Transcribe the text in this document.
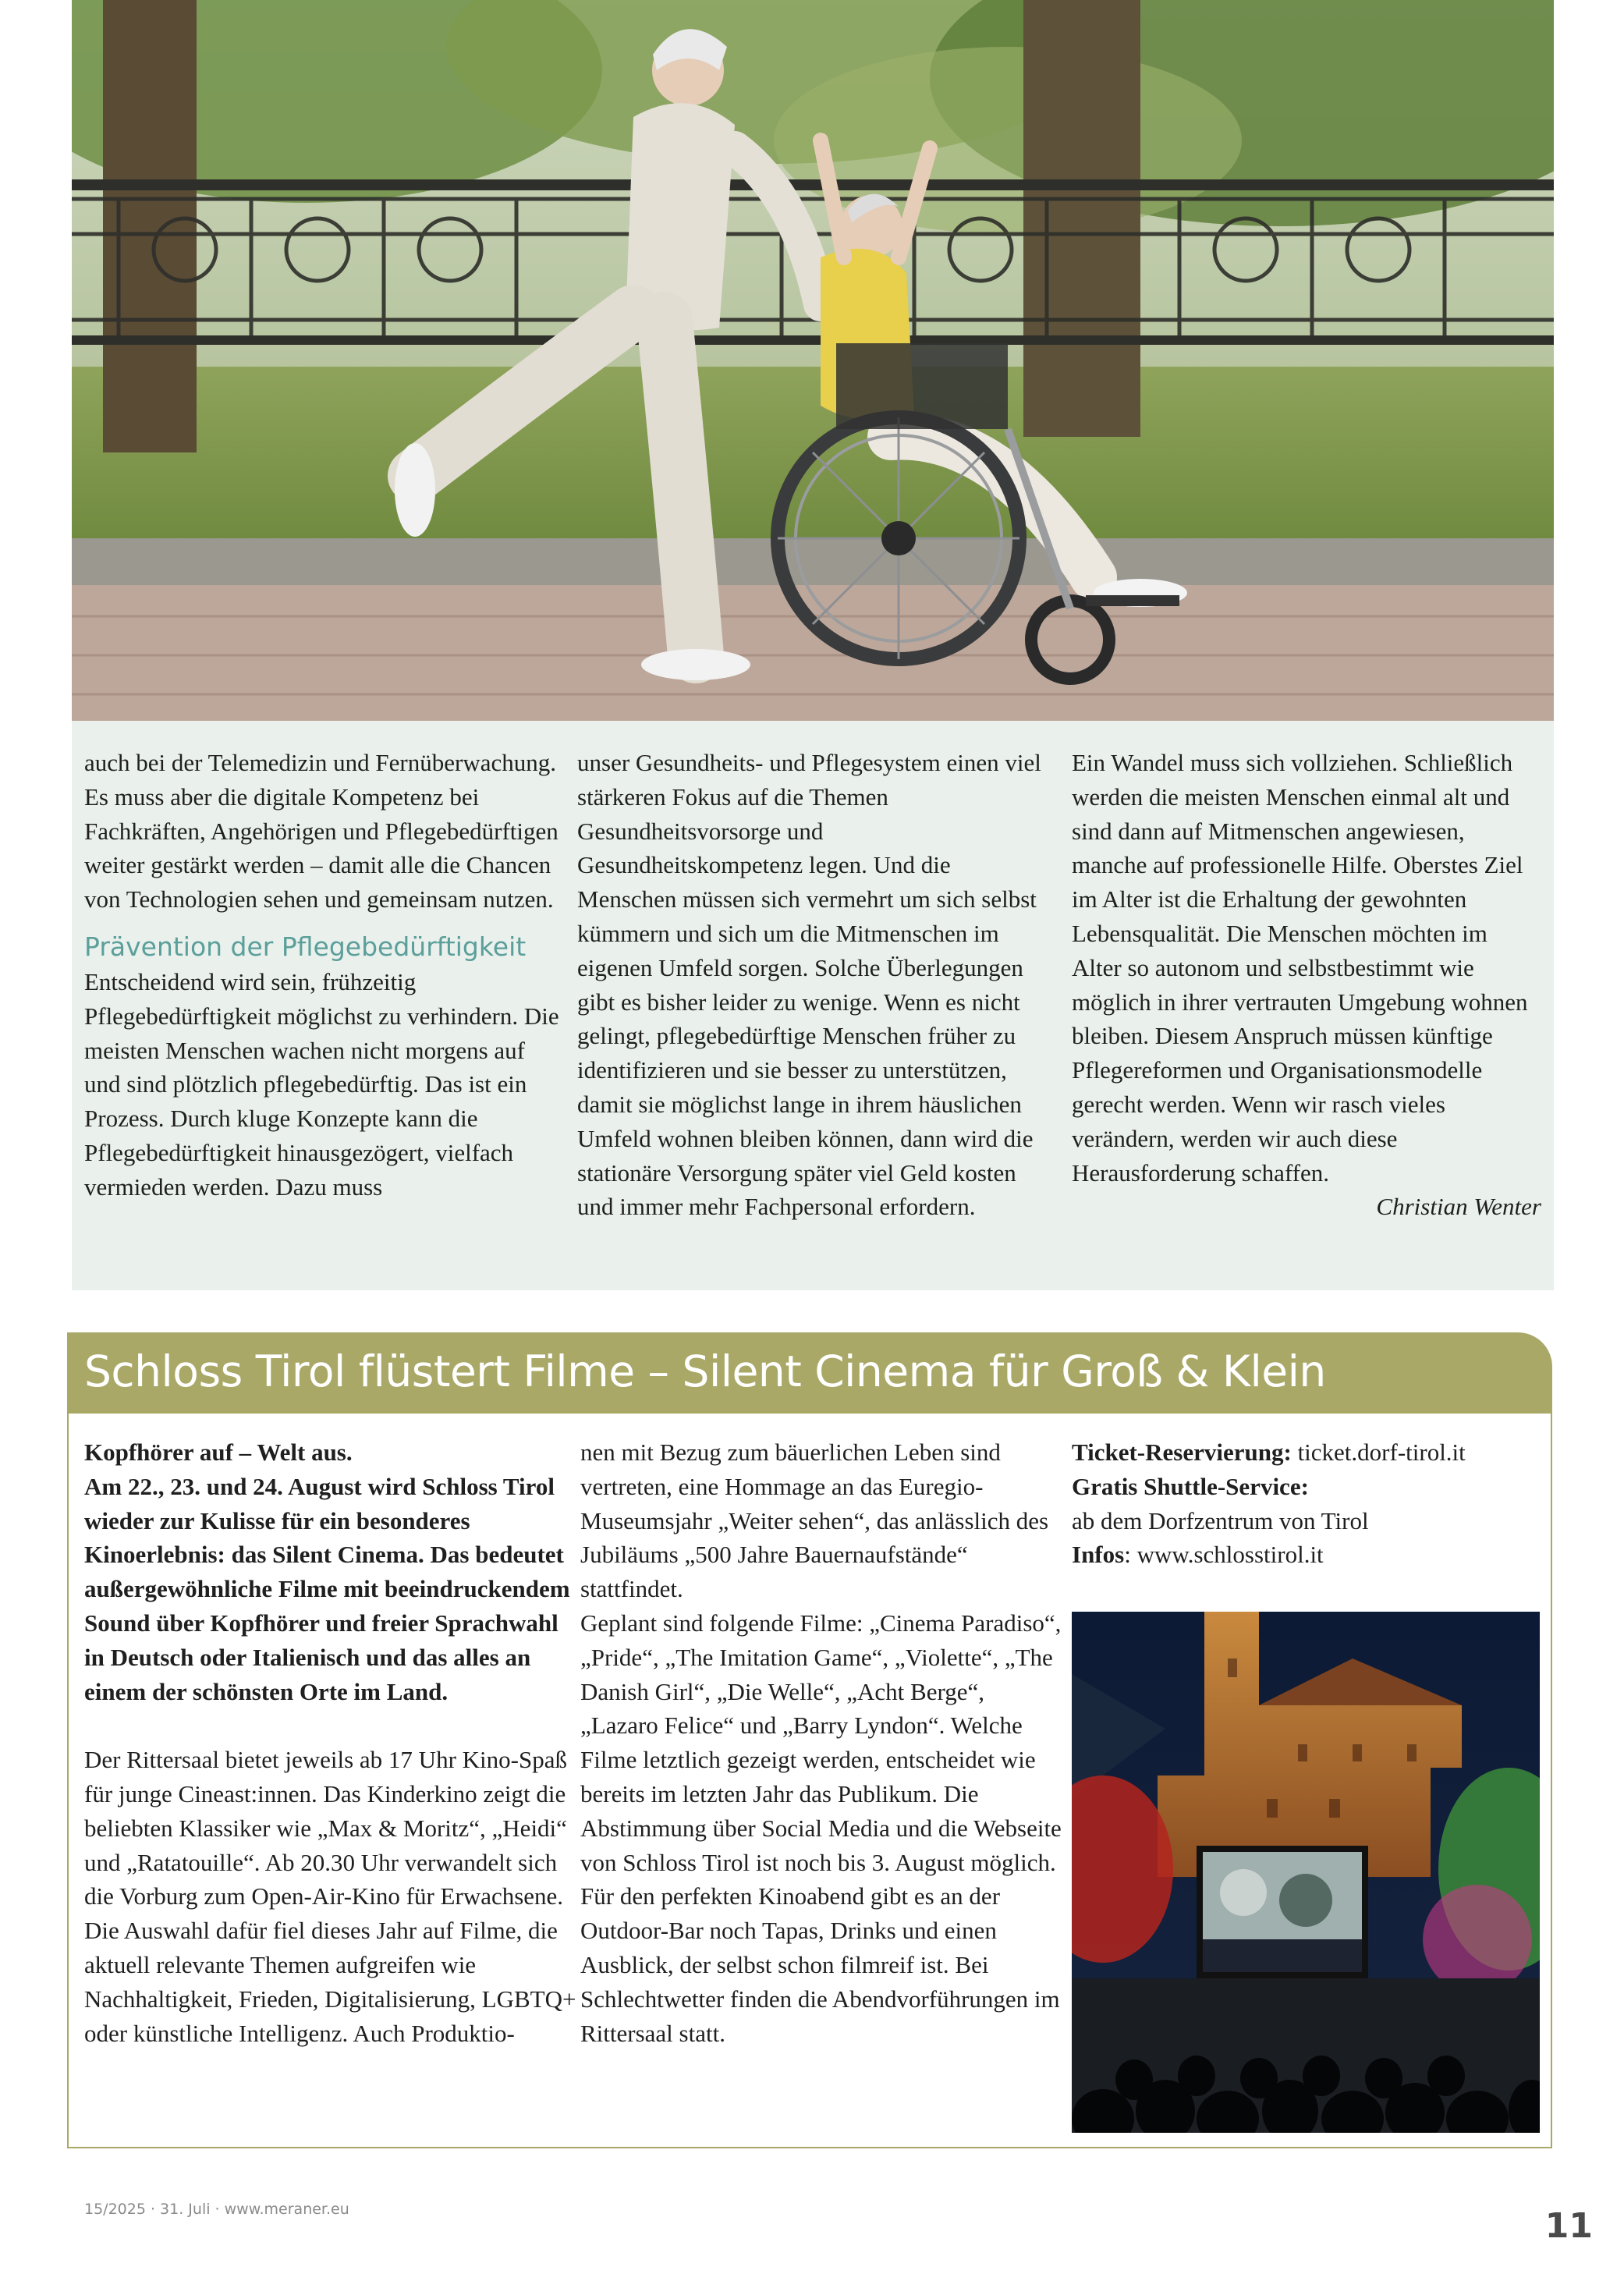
auch bei der Telemedizin und Fernüberwachung. Es muss aber die digitale Kompetenz bei Fachkräften, Angehörigen und Pflegebedürftigen weiter gestärkt werden – damit alle die Chancen von Technologien sehen und gemeinsam nutzen.

Prävention der Pflegebedürftigkeit

Entscheidend wird sein, frühzeitig Pflegebedürftigkeit möglichst zu verhindern. Die meisten Menschen wachen nicht morgens auf und sind plötzlich pflegebedürftig. Das ist ein Prozess. Durch kluge Konzepte kann die Pflegebedürftigkeit hinausgezögert, vielfach vermieden werden. Dazu muss

unser Gesundheits- und Pflegesystem einen viel stärkeren Fokus auf die Themen Gesundheitsvorsorge und Gesundheitskompetenz legen. Und die Menschen müssen sich vermehrt um sich selbst kümmern und sich um die Mitmenschen im eigenen Umfeld sorgen. Solche Überlegungen gibt es bisher leider zu wenige. Wenn es nicht gelingt, pflegebedürftige Menschen früher zu identifizieren und sie besser zu unterstützen, damit sie möglichst lange in ihrem häuslichen Umfeld wohnen bleiben können, dann wird die stationäre Versorgung später viel Geld kosten und immer mehr Fachpersonal erfordern.

Ein Wandel muss sich vollziehen. Schließlich werden die meisten Menschen einmal alt und sind dann auf Mitmenschen angewiesen, manche auf professionelle Hilfe. Oberstes Ziel im Alter ist die Erhaltung der gewohnten Lebensqualität. Die Menschen möchten im Alter so autonom und selbstbestimmt wie möglich in ihrer vertrauten Umgebung wohnen bleiben. Diesem Anspruch müssen künftige Pflegereformen und Organisationsmodelle gerecht werden. Wenn wir rasch vieles verändern, werden wir auch diese Herausforderung schaffen.

Christian Wenter

Schloss Tirol flüstert Filme – Silent Cinema für Groß & Klein

Kopfhörer auf – Welt aus.

Am 22., 23. und 24. August wird Schloss Tirol wieder zur Kulisse für ein besonderes Kinoerlebnis: das Silent Cinema. Das bedeutet außergewöhnliche Filme mit beeindruckendem Sound über Kopfhörer und freier Sprachwahl in Deutsch oder Italienisch und das alles an einem der schönsten Orte im Land.

Der Rittersaal bietet jeweils ab 17 Uhr Kino-Spaß für junge Cineast:innen. Das Kinderkino zeigt die beliebten Klassiker wie „Max & Moritz“, „Heidi“ und „Ratatouille“. Ab 20.30 Uhr verwandelt sich die Vorburg zum Open-Air-Kino für Erwachsene. Die Auswahl dafür fiel dieses Jahr auf Filme, die aktuell relevante Themen aufgreifen wie Nachhaltigkeit, Frieden, Digitalisierung, LGBTQ+ oder künstliche Intelligenz. Auch Produktio-

nen mit Bezug zum bäuerlichen Leben sind vertreten, eine Hommage an das Euregio-Museumsjahr „Weiter sehen“, das anlässlich des Jubiläums „500 Jahre Bauernaufstände“ stattfindet.

Geplant sind folgende Filme: „Cinema Paradiso“, „Pride“, „The Imitation Game“, „Violette“, „The Danish Girl“, „Die Welle“, „Acht Berge“, „Lazaro Felice“ und „Barry Lyndon“. Welche Filme letztlich gezeigt werden, entscheidet wie bereits im letzten Jahr das Publikum. Die Abstimmung über Social Media und die Webseite von Schloss Tirol ist noch bis 3. August möglich.

Für den perfekten Kinoabend gibt es an der Outdoor-Bar noch Tapas, Drinks und einen Ausblick, der selbst schon filmreif ist. Bei Schlechtwetter finden die Abendvorführungen im Rittersaal statt.

Ticket-Reservierung: ticket.dorf-tirol.it

Gratis Shuttle-Service:

ab dem Dorfzentrum von Tirol

Infos: www.schlosstirol.it

15/2025 · 31. Juli · www.meraner.eu	11
